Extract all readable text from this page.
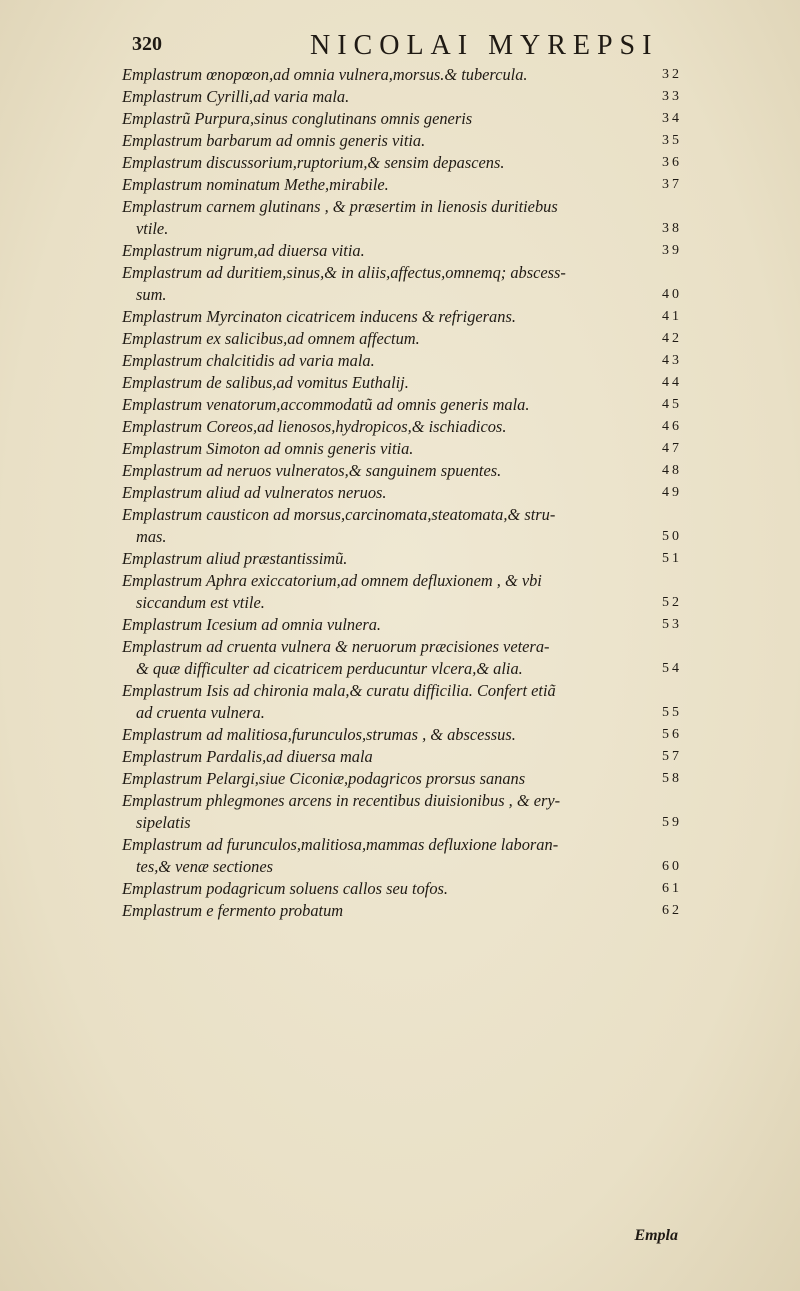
320	NICOLAI MYREPSI
Emplastrum œnopœon,ad omnia vulnera,morsus.& tubercula.	32
Emplastrum Cyrilli,ad varia mala.	33
Emplastrũ Purpura,sinus conglutinans omnis generis	34
Emplastrum barbarum ad omnis generis vitia.	35
Emplastrum discussorium,ruptorium,& sensim depascens.	36
Emplastrum nominatum Methe,mirabile.	37
Emplastrum carnem glutinans , & præsertim in lienosis duritiebus
vtile.	38
Emplastrum nigrum,ad diuersa vitia.	39
Emplastrum ad duritiem,sinus,& in aliis,affectus,omnemq; abscess-
sum.	40
Emplastrum Myrcinaton cicatricem inducens & refrigerans.	41
Emplastrum ex salicibus,ad omnem affectum.	42
Emplastrum chalcitidis ad varia mala.	43
Emplastrum de salibus,ad vomitus Euthalij.	44
Emplastrum venatorum,accommodatũ ad omnis generis mala.	45
Emplastrum Coreos,ad lienosos,hydropicos,& ischiadicos.	46
Emplastrum Simoton ad omnis generis vitia.	47
Emplastrum ad neruos vulneratos,& sanguinem spuentes.	48
Emplastrum aliud ad vulneratos neruos.	49
Emplastrum causticon ad morsus,carcinomata,steatomata,& stru-
mas.	50
Emplastrum aliud præstantissimũ.	51
Emplastrum Aphra exiccatorium,ad omnem defluxionem , & vbi
siccandum est vtile.	52
Emplastrum Icesium ad omnia vulnera.	53
Emplastrum ad cruenta vulnera & neruorum præcisiones vetera-
& quæ difficulter ad cicatricem perducuntur vlcera,& alia.	54
Emplastrum Isis ad chironia mala,& curatu difficilia. Confert etiã
ad cruenta vulnera.	55
Emplastrum ad malitiosa,furunculos,strumas , & abscessus.	56
Emplastrum Pardalis,ad diuersa mala	57
Emplastrum Pelargi,siue Ciconiæ,podagricos prorsus sanans	58
Emplastrum phlegmones arcens in recentibus diuisionibus , & ery-
sipelatis	59
Emplastrum ad furunculos,malitiosa,mammas defluxione laboran-
tes,& venæ sectiones	60
Emplastrum podagricum soluens callos seu tofos.	61
Emplastrum e fermento probatum	62
Empla
